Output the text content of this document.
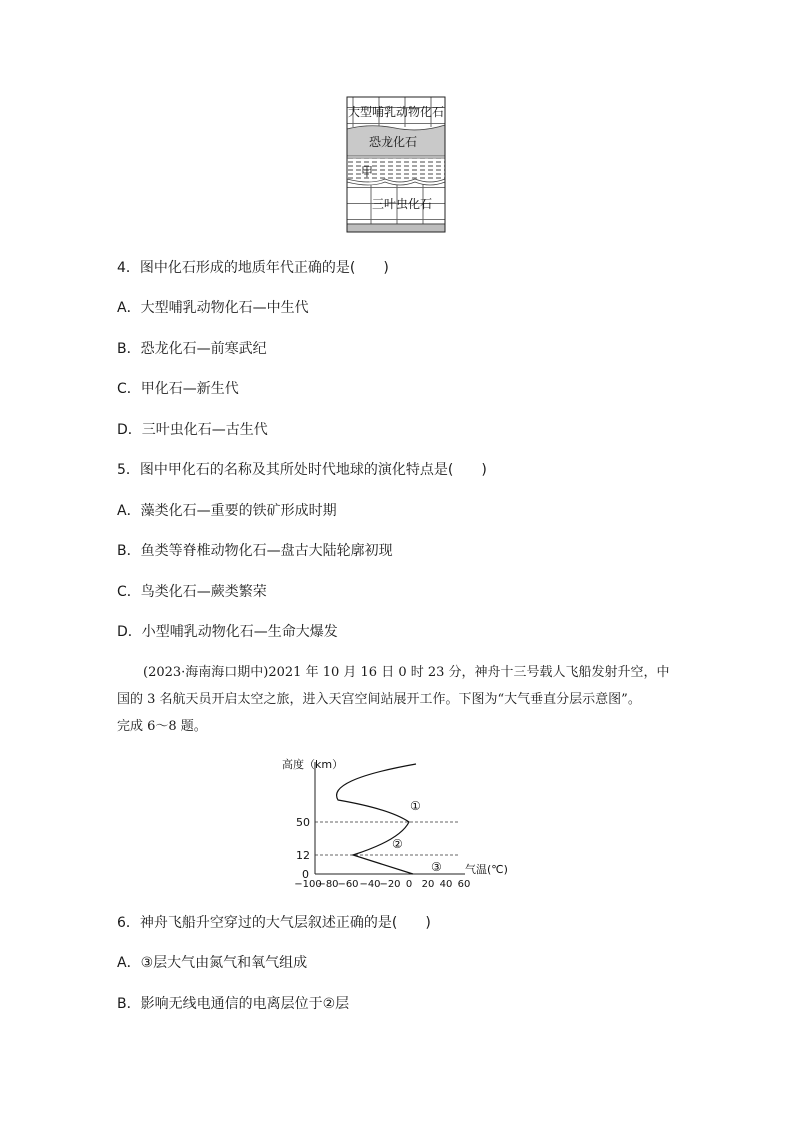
大型哺乳动物化石
恐龙化石
甲
三叶虫化石
4．图中化石形成的地质年代正确的是(　　)
A．大型哺乳动物化石—中生代
B．恐龙化石—前寒武纪
C．甲化石—新生代
D．三叶虫化石—古生代
5．图中甲化石的名称及其所处时代地球的演化特点是(　　)
A．藻类化石—重要的铁矿形成时期
B．鱼类等脊椎动物化石—盘古大陆轮廓初现
C．鸟类化石—蕨类繁荣
D．小型哺乳动物化石—生命大爆发

(2023·海南海口期中)2021 年 10 月 16 日 0 时 23 分，神舟十三号载人飞船发射升空，中

国的 3 名航天员开启太空之旅，进入天宫空间站展开工作。下图为“大气垂直分层示意图”。

完成 6～8 题。

高度（km）
50
12
0	气温(℃)
①
②
③
−100
−80
−60 −40
−20 0 20 40 60
6．神舟飞船升空穿过的大气层叙述正确的是(　　)
A．③层大气由氮气和氧气组成
B．影响无线电通信的电离层位于②层
